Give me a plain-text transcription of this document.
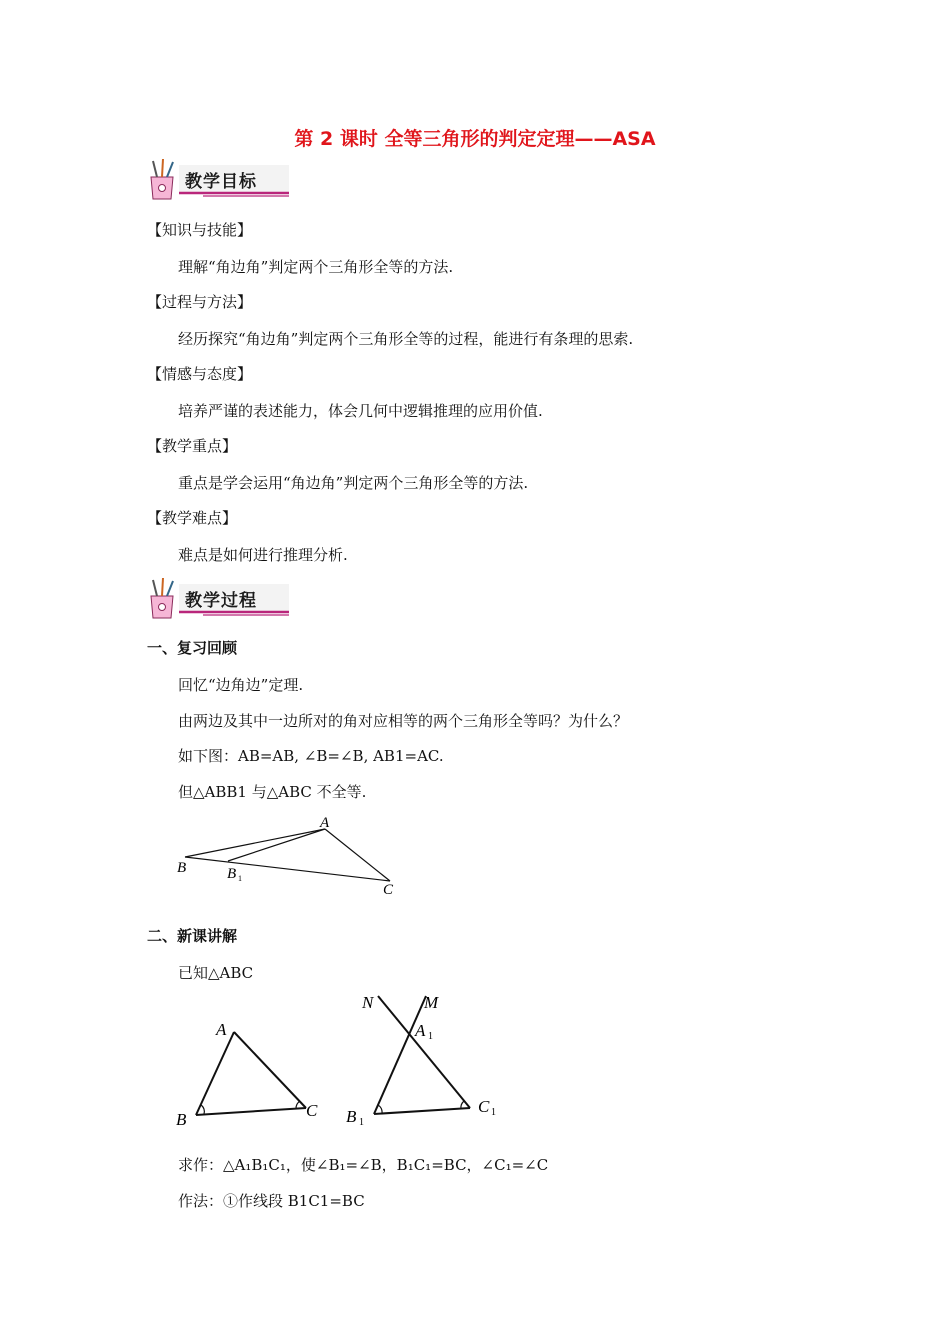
第 2 课时 全等三角形的判定定理——ASA
教学目标
【知识与技能】
理解“角边角”判定两个三角形全等的方法.
【过程与方法】
经历探究“角边角”判定两个三角形全等的过程，能进行有条理的思索.
【情感与态度】
培养严谨的表述能力，体会几何中逻辑推理的应用价值.
【教学重点】
重点是学会运用“角边角”判定两个三角形全等的方法.
【教学难点】
难点是如何进行推理分析.
教学过程
一、复习回顾
回忆“边角边”定理.
由两边及其中一边所对的角对应相等的两个三角形全等吗？为什么？
如下图：AB=AB, ∠B=∠B, AB1=AC.
但△ABB1 与△ABC 不全等.
A
B	B 1
C
二、新课讲解
已知△ABC
A
B	C
N	M
A 1
B 1
C 1
求作：△A₁B₁C₁，使∠B₁=∠B，B₁C₁=BC，∠C₁=∠C
作法：①作线段 B1C1=BC
